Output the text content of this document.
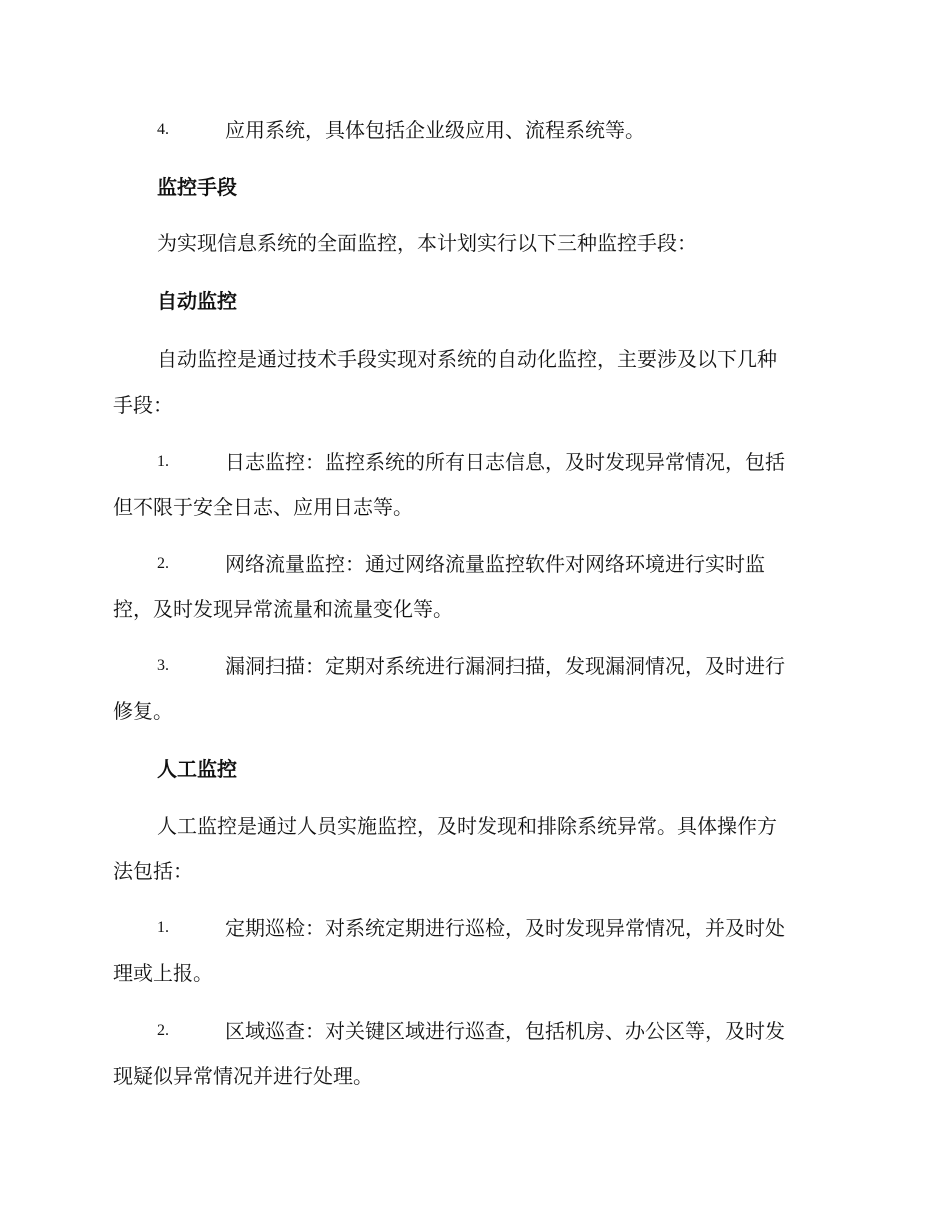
4.	应用系统，具体包括企业级应用、流程系统等。
监控手段
为实现信息系统的全面监控，本计划实行以下三种监控手段：
自动监控
自动监控是通过技术手段实现对系统的自动化监控，主要涉及以下几种
手段：
1.	日志监控：监控系统的所有日志信息，及时发现异常情况，包括
但不限于安全日志、应用日志等。
2.	网络流量监控：通过网络流量监控软件对网络环境进行实时监
控，及时发现异常流量和流量变化等。
3.	漏洞扫描：定期对系统进行漏洞扫描，发现漏洞情况，及时进行
修复。
人工监控
人工监控是通过人员实施监控，及时发现和排除系统异常。具体操作方
法包括：
1.	定期巡检：对系统定期进行巡检，及时发现异常情况，并及时处
理或上报。
2.	区域巡查：对关键区域进行巡查，包括机房、办公区等，及时发
现疑似异常情况并进行处理。
